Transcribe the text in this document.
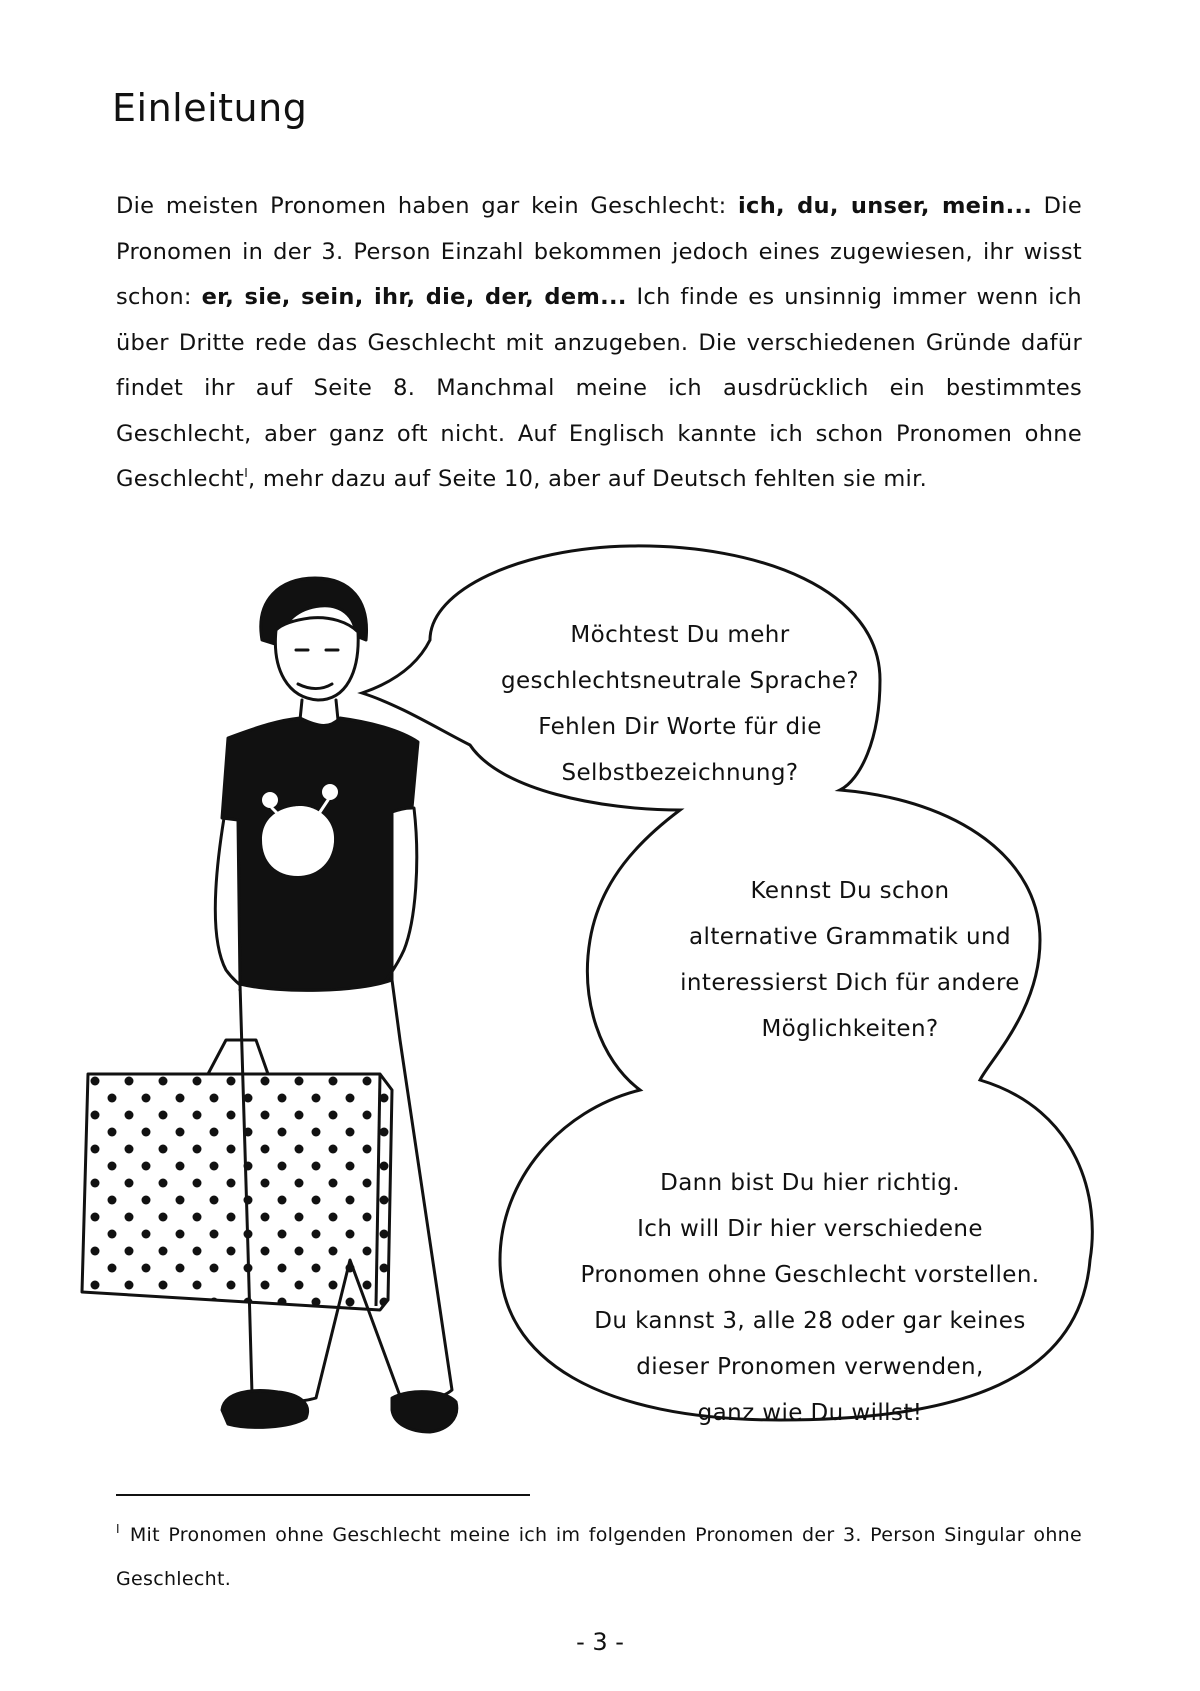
Einleitung

Die meisten Pronomen haben gar kein Geschlecht: ich, du, unser, mein... Die Pronomen in der 3. Person Einzahl bekommen jedoch eines zugewiesen, ihr wisst schon: er, sie, sein, ihr, die, der, dem... Ich finde es unsinnig immer wenn ich über Dritte rede das Geschlecht mit anzugeben. Die verschiedenen Gründe dafür findet ihr auf Seite 8. Manchmal meine ich ausdrücklich ein bestimmtes Geschlecht, aber ganz oft nicht. Auf Englisch kannte ich schon Pronomen ohne Geschlecht$^I$, mehr dazu auf Seite 10, aber auf Deutsch fehlten sie mir.

Möchtest Du mehr
geschlechtsneutrale Sprache?
Fehlen Dir Worte für die
Selbstbezeichnung?
Kennst Du schon
alternative Grammatik und
interessierst Dich für andere
Möglichkeiten?
Dann bist Du hier richtig.
Ich will Dir hier verschiedene
Pronomen ohne Geschlecht vorstellen.
Du kannst 3, alle 28 oder gar keines
dieser Pronomen verwenden,
ganz wie Du willst!

$^I$ Mit Pronomen ohne Geschlecht meine ich im folgenden Pronomen der 3. Person Singular ohne Geschlecht.

- 3 -
